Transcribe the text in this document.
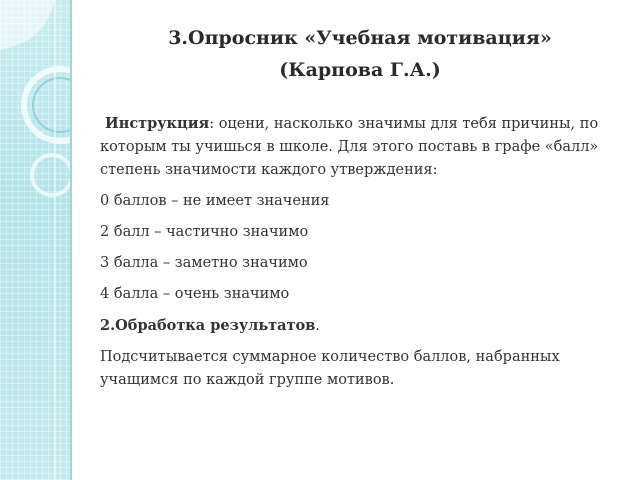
3.Опросник «Учебная мотивация»
(Карпова Г.А.)

Инструкция: оцени, насколько значимы для тебя причины, по которым ты учишься в школе. Для этого поставь в графе «балл» степень значимости каждого утверждения:

0 баллов – не имеет значения

2 балл – частично значимо

3 балла – заметно значимо

4 балла – очень значимо

2.Обработка результатов.

Подсчитывается суммарное количество баллов, набранных учащимся по каждой группе мотивов.
